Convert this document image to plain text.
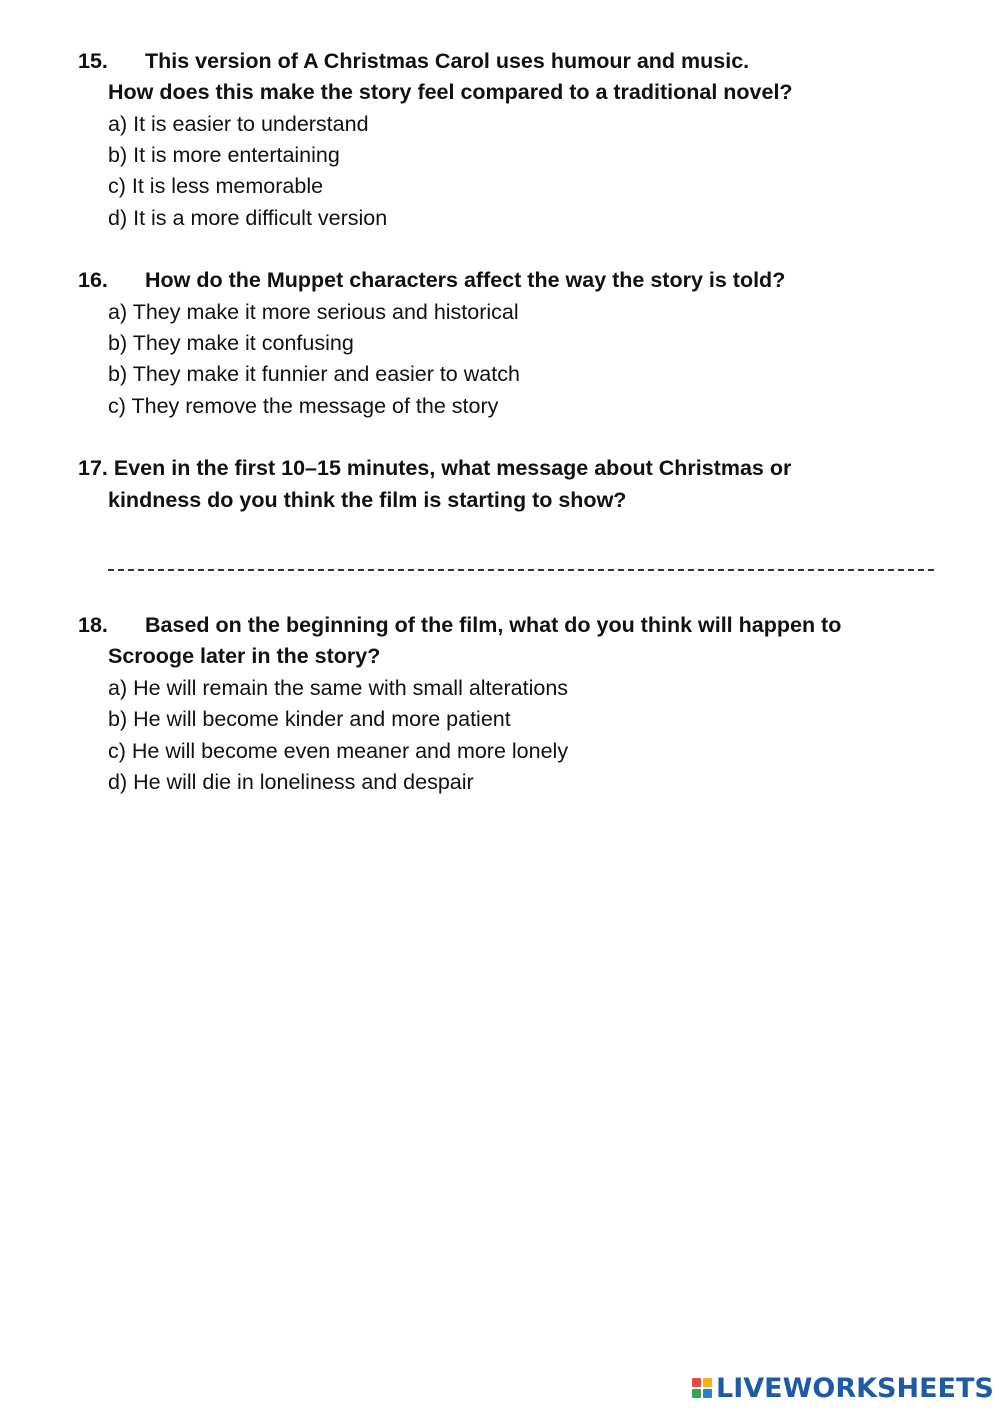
15. This version of A Christmas Carol uses humour and music.
How does this make the story feel compared to a traditional novel?
a) It is easier to understand
b) It is more entertaining
c) It is less memorable
d) It is a more difficult version
16. How do the Muppet characters affect the way the story is told?
a) They make it more serious and historical
b) They make it confusing
b) They make it funnier and easier to watch
c) They remove the message of the story
17. Even in the first 10–15 minutes, what message about Christmas or
kindness do you think the film is starting to show?
18. Based on the beginning of the film, what do you think will happen to
Scrooge later in the story?
a) He will remain the same with small alterations
b) He will become kinder and more patient
c) He will become even meaner and more lonely
d) He will die in loneliness and despair
LIVEWORKSHEETS
